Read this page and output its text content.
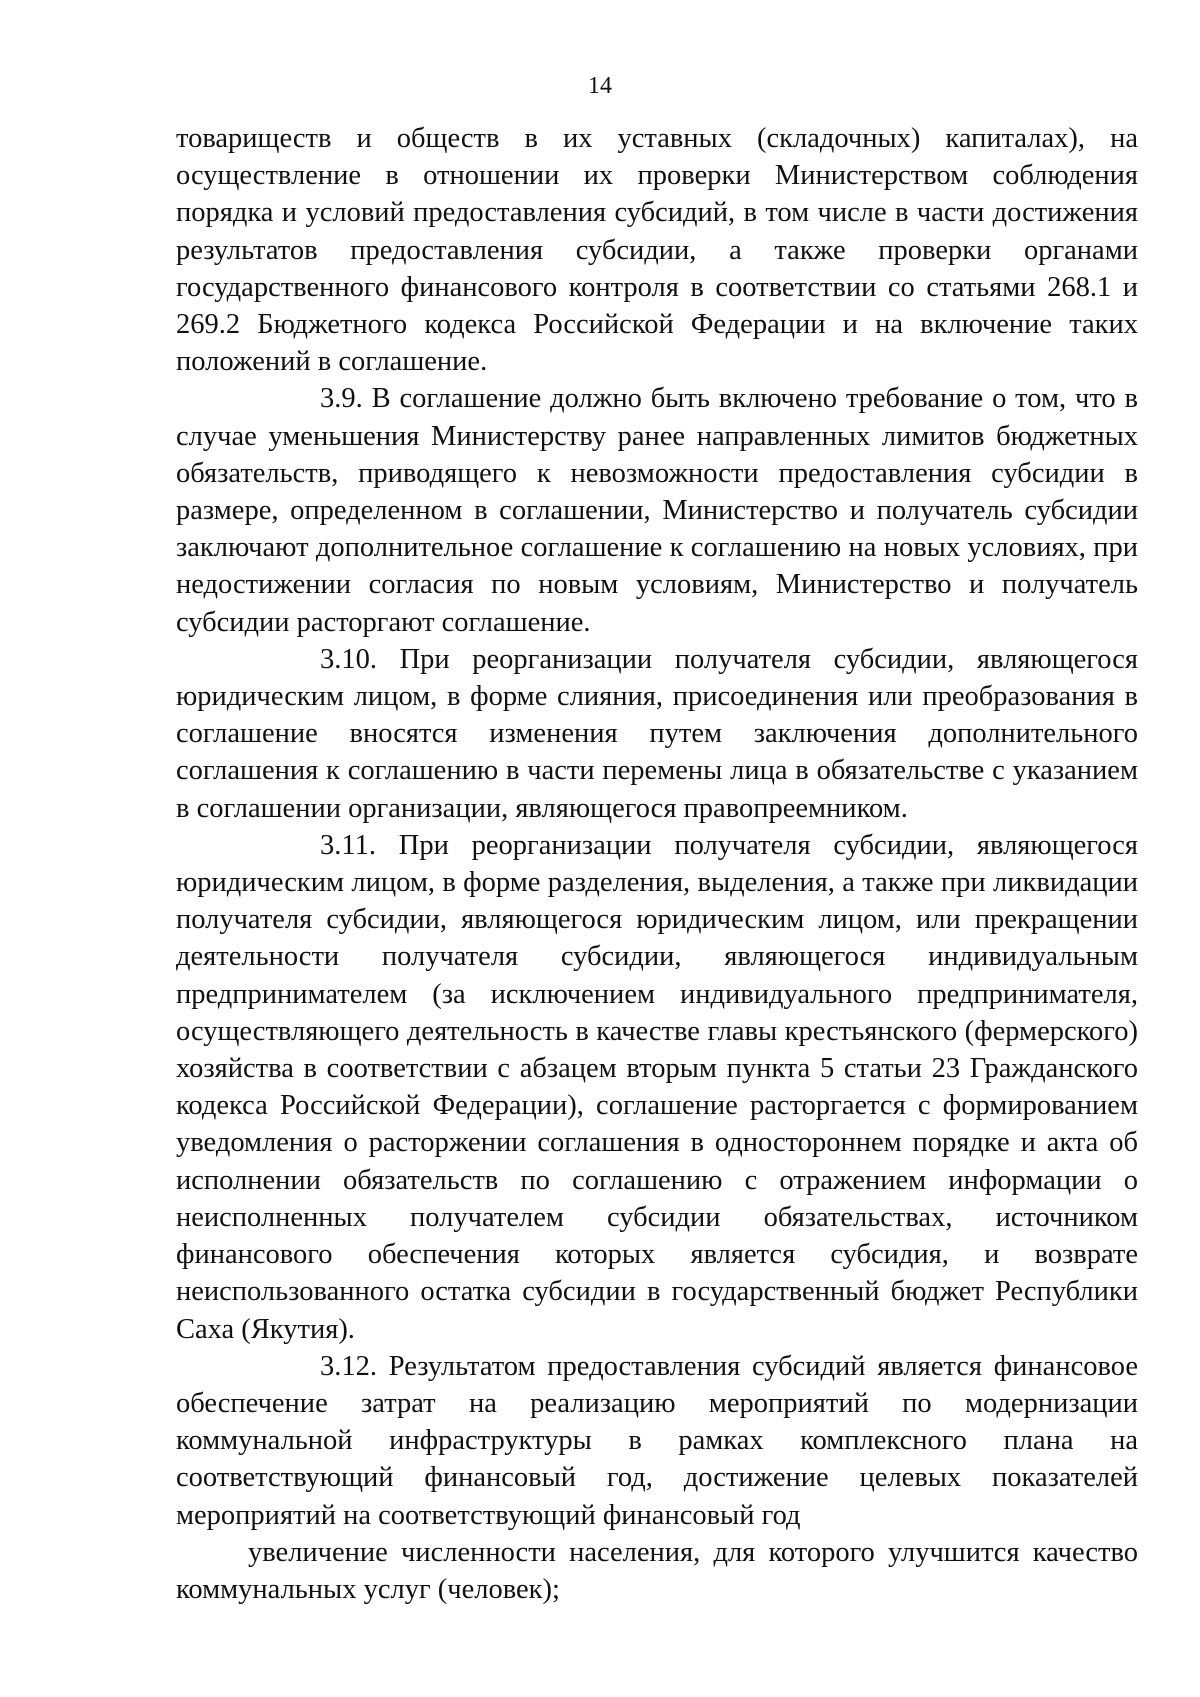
14

товариществ и обществ в их уставных (складочных) капиталах), на осуществление в отношении их проверки Министерством соблюдения порядка и условий предоставления субсидий, в том числе в части достижения результатов предоставления субсидии, а также проверки органами государственного финансового контроля в соответствии со статьями 268.1 и 269.2 Бюджетного кодекса Российской Федерации и на включение таких положений в соглашение.

3.9. В соглашение должно быть включено требование о том, что в случае уменьшения Министерству ранее направленных лимитов бюджетных обязательств, приводящего к невозможности предоставления субсидии в размере, определенном в соглашении, Министерство и получатель субсидии заключают дополнительное соглашение к соглашению на новых условиях, при недостижении согласия по новым условиям, Министерство и получатель субсидии расторгают соглашение.

3.10. При реорганизации получателя субсидии, являющегося юридическим лицом, в форме слияния, присоединения или преобразования в соглашение вносятся изменения путем заключения дополнительного соглашения к соглашению в части перемены лица в обязательстве с указанием в соглашении организации, являющегося правопреемником.

3.11. При реорганизации получателя субсидии, являющегося юридическим лицом, в форме разделения, выделения, а также при ликвидации получателя субсидии, являющегося юридическим лицом, или прекращении деятельности получателя субсидии, являющегося индивидуальным предпринимателем (за исключением индивидуального предпринимателя, осуществляющего деятельность в качестве главы крестьянского (фермерского) хозяйства в соответствии с абзацем вторым пункта 5 статьи 23 Гражданского кодекса Российской Федерации), соглашение расторгается с формированием уведомления о расторжении соглашения в одностороннем порядке и акта об исполнении обязательств по соглашению с отражением информации о неисполненных получателем субсидии обязательствах, источником финансового обеспечения которых является субсидия, и возврате неиспользованного остатка субсидии в государственный бюджет Республики Саха (Якутия).

3.12. Результатом предоставления субсидий является финансовое обеспечение затрат на реализацию мероприятий по модернизации коммунальной инфраструктуры в рамках комплексного плана на соответствующий финансовый год, достижение целевых показателей мероприятий на соответствующий финансовый год

увеличение численности населения, для которого улучшится качество коммунальных услуг (человек);
